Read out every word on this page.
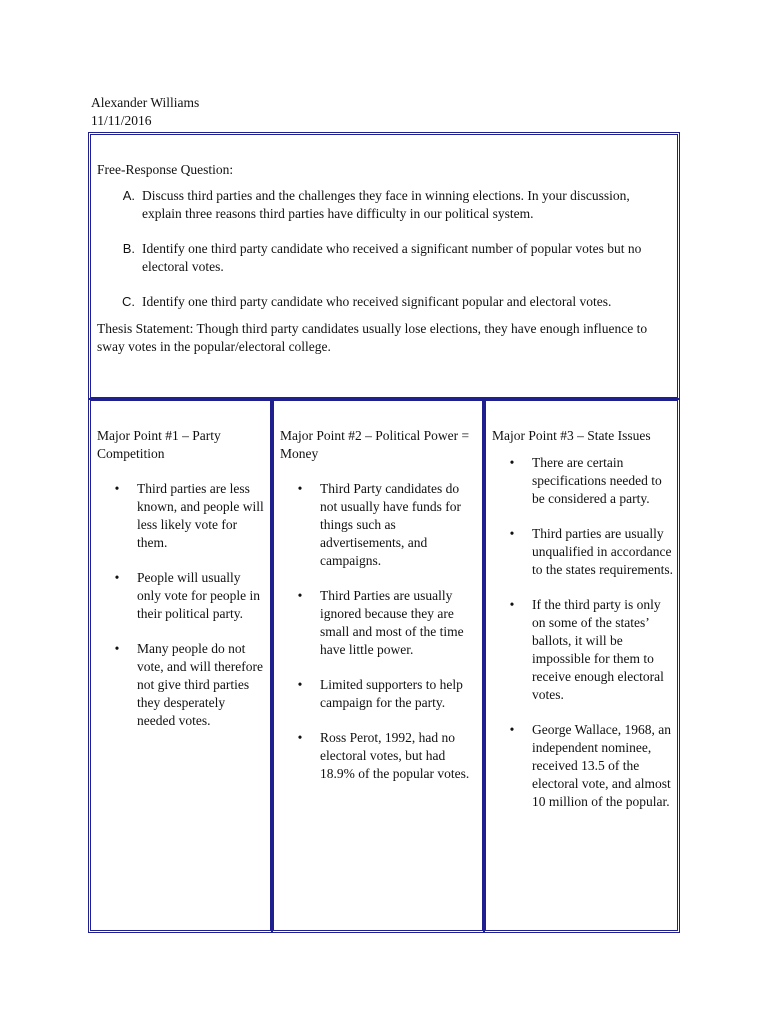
Alexander Williams
11/11/2016
Free-Response Question:
A. Discuss third parties and the challenges they face in winning elections. In your discussion, explain three reasons third parties have difficulty in our political system.
B. Identify one third party candidate who received a significant number of popular votes but no electoral votes.
C. Identify one third party candidate who received significant popular and electoral votes.
Thesis Statement: Though third party candidates usually lose elections, they have enough influence to sway votes in the popular/electoral college.
Major Point #1 – Party Competition
•	Third parties are less known, and people will less likely vote for them.
•	People will usually only vote for people in their political party.
•	Many people do not vote, and will therefore not give third parties they desperately needed votes.
Major Point #2 – Political Power = Money
•	Third Party candidates do not usually have funds for things such as advertisements, and campaigns.
•	Third Parties are usually ignored because they are small and most of the time have little power.
•	Limited supporters to help campaign for the party.
•	Ross Perot, 1992, had no electoral votes, but had 18.9% of the popular votes.
Major Point #3 – State Issues
•	There are certain specifications needed to be considered a party.
•	Third parties are usually unqualified in accordance to the states requirements.
•	If the third party is only on some of the states’ ballots, it will be impossible for them to receive enough electoral votes.
•	George Wallace, 1968, an independent nominee, received 13.5 of the electoral vote, and almost 10 million of the popular.
